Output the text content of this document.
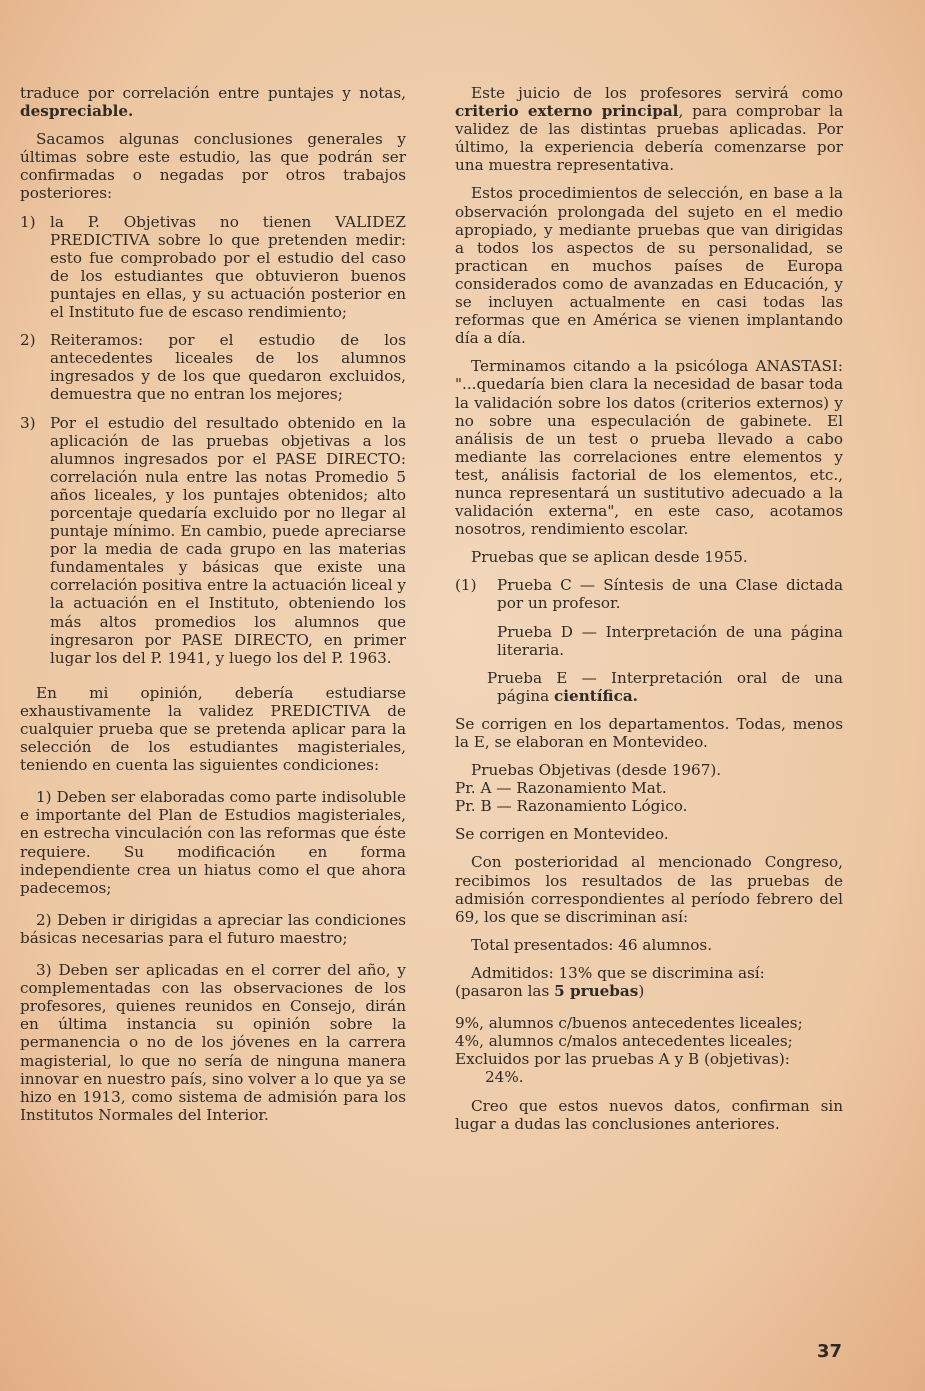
traduce por correlación entre puntajes y notas, despreciable.

Sacamos algunas conclusiones generales y últimas sobre este estudio, las que podrán ser confirmadas o negadas por otros trabajos posteriores:

1) la P. Objetivas no tienen VALIDEZ PREDICTIVA sobre lo que pretenden medir: esto fue comprobado por el estudio del caso de los estudiantes que obtuvieron buenos puntajes en ellas, y su actuación posterior en el Instituto fue de escaso rendimiento;
2) Reiteramos: por el estudio de los antecedentes liceales de los alumnos ingresados y de los que quedaron excluidos, demuestra que no entran los mejores;
3) Por el estudio del resultado obtenido en la aplicación de las pruebas objetivas a los alumnos ingresados por el PASE DIRECTO: correlación nula entre las notas Promedio 5 años liceales, y los puntajes obtenidos; alto porcentaje quedaría excluido por no llegar al puntaje mínimo. En cambio, puede apreciarse por la media de cada grupo en las materias fundamentales y básicas que existe una correlación positiva entre la actuación liceal y la actuación en el Instituto, obteniendo los más altos promedios los alumnos que ingresaron por PASE DIRECTO, en primer lugar los del P. 1941, y luego los del P. 1963.

En mi opinión, debería estudiarse exhaustivamente la validez PREDICTIVA de cualquier prueba que se pretenda aplicar para la selección de los estudiantes magisteriales, teniendo en cuenta las siguientes condiciones:

1) Deben ser elaboradas como parte indisoluble e importante del Plan de Estudios magisteriales, en estrecha vinculación con las reformas que éste requiere. Su modificación en forma independiente crea un hiatus como el que ahora padecemos;

2) Deben ir dirigidas a apreciar las condiciones básicas necesarias para el futuro maestro;

3) Deben ser aplicadas en el correr del año, y complementadas con las observaciones de los profesores, quienes reunidos en Consejo, dirán en última instancia su opinión sobre la permanencia o no de los jóvenes en la carrera magisterial, lo que no sería de ninguna manera innovar en nuestro país, sino volver a lo que ya se hizo en 1913, como sistema de admisión para los Institutos Normales del Interior.

Este juicio de los profesores servirá como criterio externo principal, para comprobar la validez de las distintas pruebas aplicadas. Por último, la experiencia debería comenzarse por una muestra representativa.

Estos procedimientos de selección, en base a la observación prolongada del sujeto en el medio apropiado, y mediante pruebas que van dirigidas a todos los aspectos de su personalidad, se practican en muchos países de Europa considerados como de avanzadas en Educación, y se incluyen actualmente en casi todas las reformas que en América se vienen implantando día a día.

Terminamos citando a la psicóloga ANASTASI: "...quedaría bien clara la necesidad de basar toda la validación sobre los datos (criterios externos) y no sobre una especulación de gabinete. El análisis de un test o prueba llevado a cabo mediante las correlaciones entre elementos y test, análisis factorial de los elementos, etc., nunca representará un sustitutivo adecuado a la validación externa", en este caso, acotamos nosotros, rendimiento escolar.

Pruebas que se aplican desde 1955.

(1) Prueba C — Síntesis de una Clase dictada por un profesor.

Prueba D — Interpretación de una página literaria.

Prueba E — Interpretación oral de una página científica.

Se corrigen en los departamentos. Todas, menos la E, se elaboran en Montevideo.

Pruebas Objetivas (desde 1967).

Pr. A — Razonamiento Mat.

Pr. B — Razonamiento Lógico.

Se corrigen en Montevideo.

Con posterioridad al mencionado Congreso, recibimos los resultados de las pruebas de admisión correspondientes al período febrero del 69, los que se discriminan así:

Total presentados: 46 alumnos.

Admitidos: 13% que se discrimina así:

(pasaron las 5 pruebas)

9%, alumnos c/buenos antecedentes liceales;

4%, alumnos c/malos antecedentes liceales;

Excluidos por las pruebas A y B (objetivas):

24%.

Creo que estos nuevos datos, confirman sin lugar a dudas las conclusiones anteriores.

37
